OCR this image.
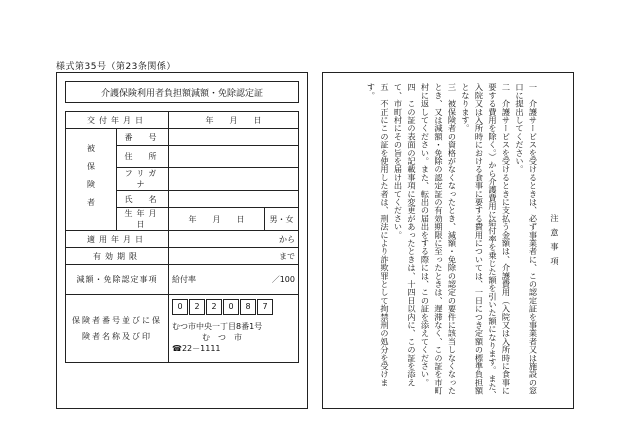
様式第35号（第23条関係）
介護保険利用者負担額減額・免除認定証
交付年月日		年　　月　　日	
被保険者	番　号		
	住　所		
	フリガナ		
	氏　名		
	生年月日	年　　月　　日	男・女
適用年月日		から	
有効期限		まで	
減額・免除認定事項		給付率 ／100	

保険者番号並びに保険者名称及び印		0 2 2 0 8 7
むつ市中央一丁目8番1号
む　つ　市
☎22－1111	

注意事項

一　介護サービスを受けるときは、必ず事業者に、この認定証を事業者又は施設の窓口に提出してください。

二　介護サービスを受けるときに支払う金額は、介護費用（入院又は入所時に食事に要する費用を除く。）から介護費用に給付率を乗じた額を引いた額になります。また、入院又は入所時における食事に要する費用については、一日につき定額の標準負担額となります。

三　被保険者の資格がなくなったとき、減額・免除の認定の要件に該当しなくなったとき、又は減額・免除の認定証の有効期限に至ったときは、遅滞なく、この証を市町村に返してください。また、転出の届出をする際には、この証を添えてください。

四　この証の表面の記載事項に変更があったときは、十四日以内に、この証を添えて、市町村にその旨を届け出てください。

五　不正にこの証を使用した者は、刑法により詐欺罪として拘禁刑の処分を受けます。
